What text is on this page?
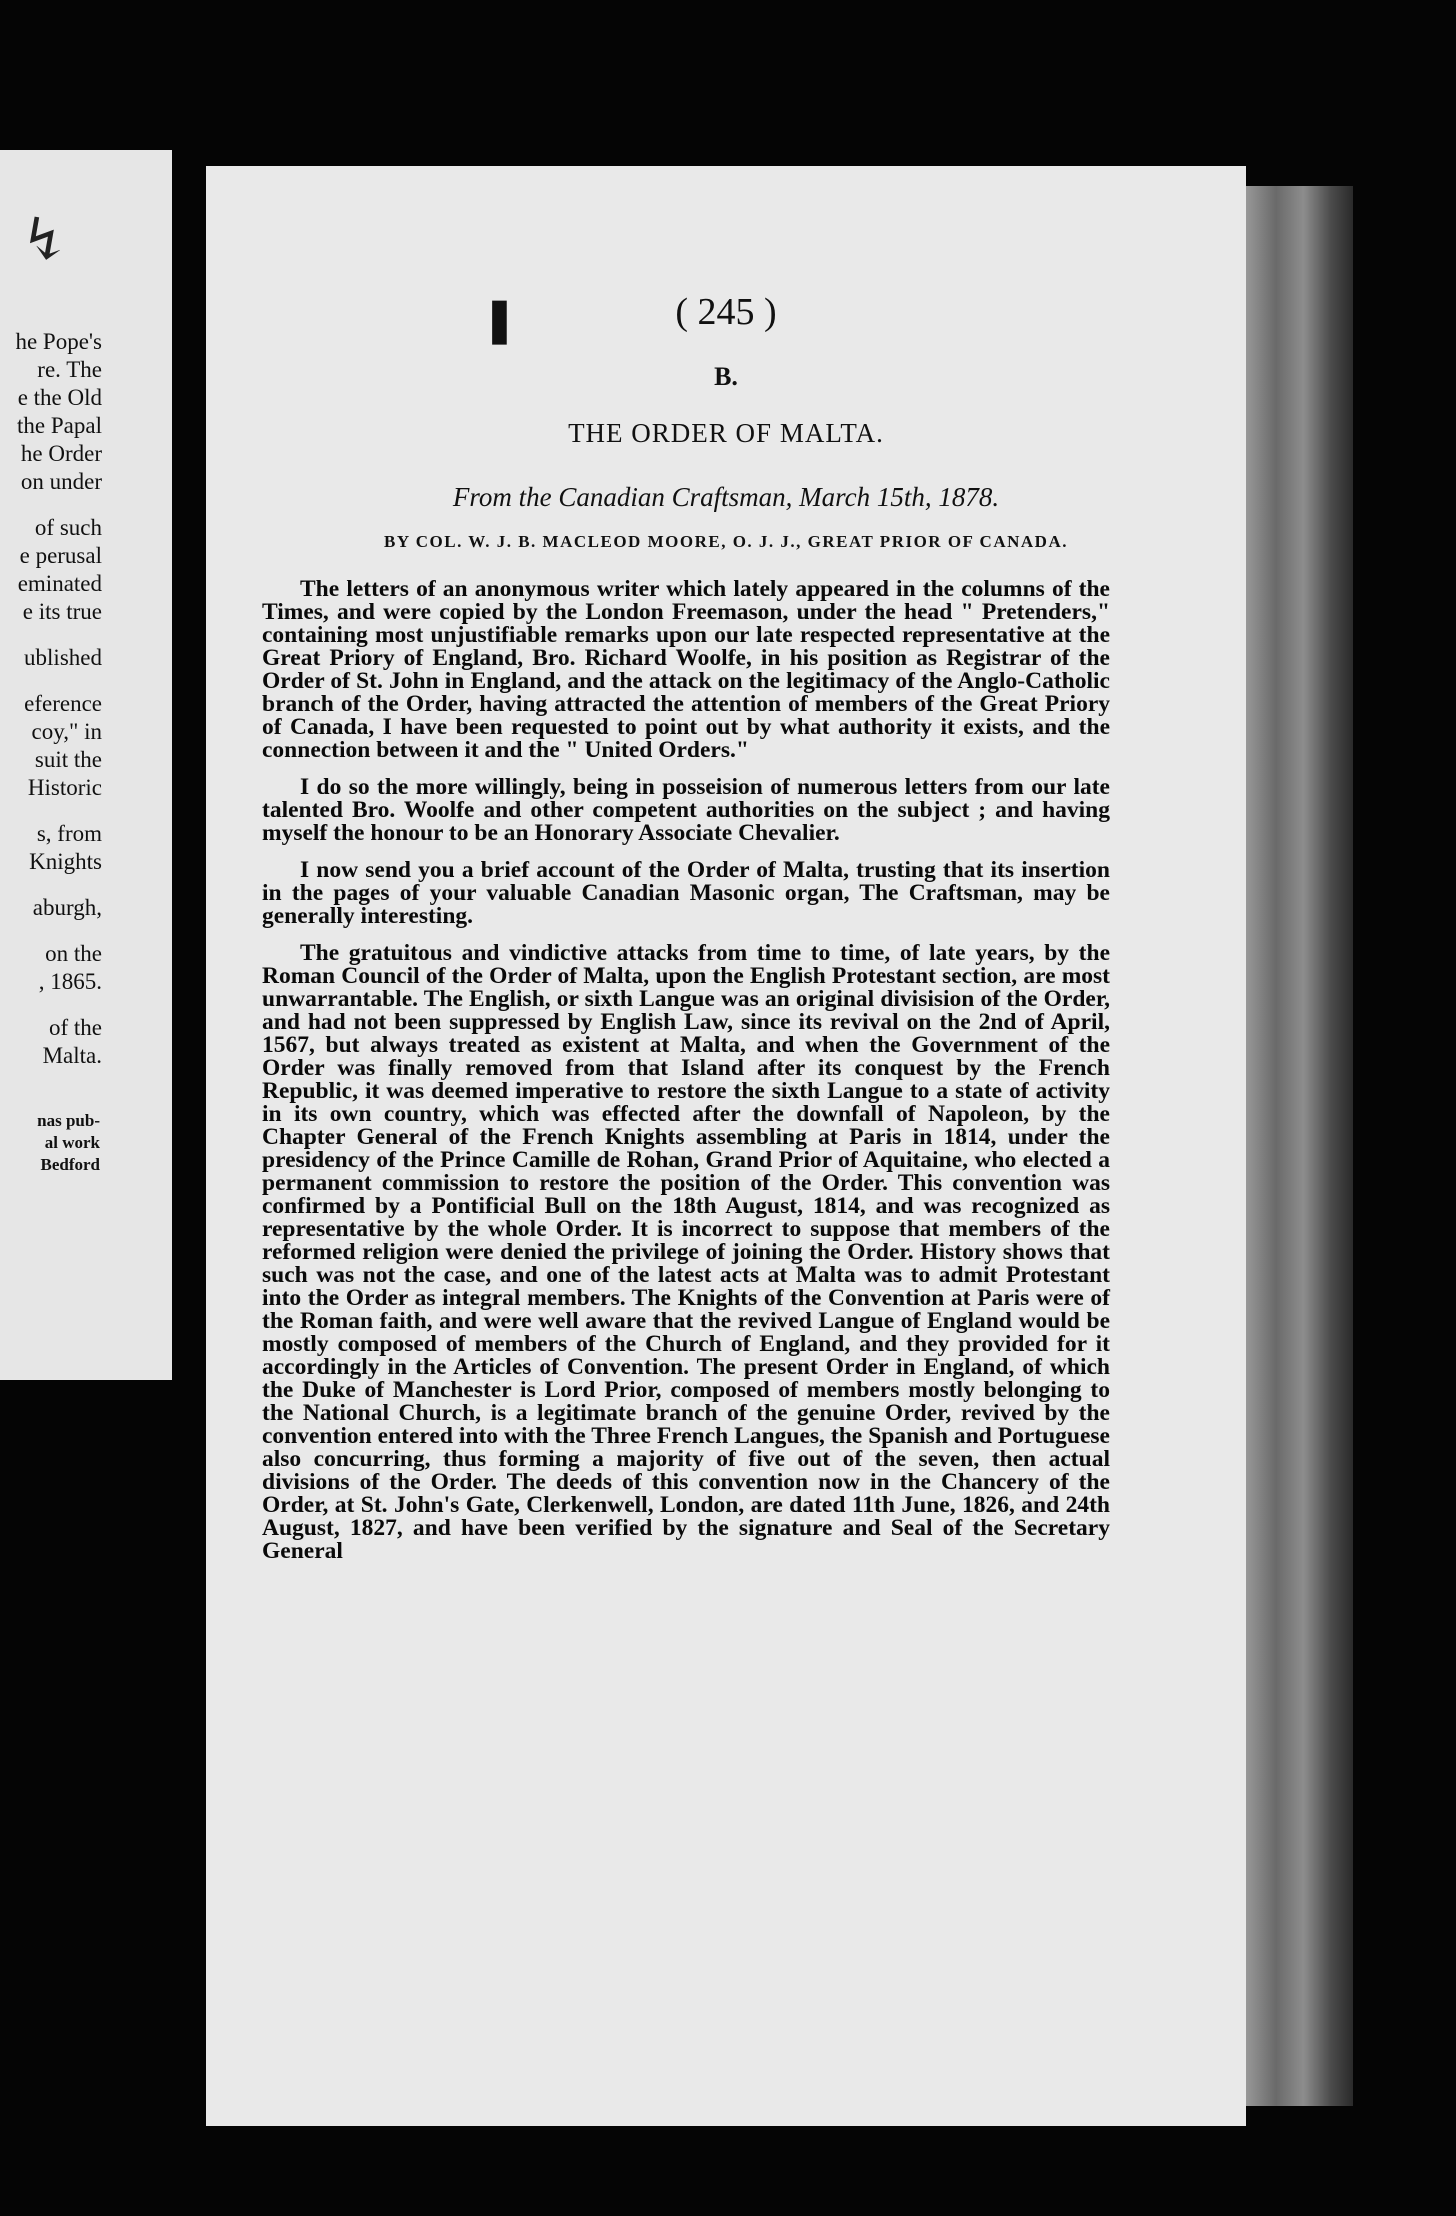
↯
he Pope's
re. The
e the Old
the Papal
he Order
on under
of such
e perusal
eminated
e its true
ublished
eference
coy," in
suit the
Historic
s, from
Knights
aburgh,
on the
, 1865.
of the
Malta.
nas pub-
al work
Bedford
❚	( 245 )
B.
THE ORDER OF MALTA.
From the Canadian Craftsman, March 15th, 1878.
BY COL. W. J. B. MACLEOD MOORE, O. J. J., GREAT PRIOR OF CANADA.

The letters of an anonymous writer which lately appeared in the columns of the Times, and were copied by the London Freemason, under the head " Pretenders," containing most unjustifiable remarks upon our late respected representative at the Great Priory of England, Bro. Richard Woolfe, in his position as Registrar of the Order of St. John in England, and the attack on the legitimacy of the Anglo-Catholic branch of the Order, having attracted the attention of members of the Great Priory of Canada, I have been requested to point out by what authority it exists, and the connection between it and the " United Orders."

I do so the more willingly, being in posseision of numerous letters from our late talented Bro. Woolfe and other competent authorities on the subject ; and having myself the honour to be an Honorary Associate Chevalier.

I now send you a brief account of the Order of Malta, trusting that its insertion in the pages of your valuable Canadian Masonic organ, The Craftsman, may be generally interesting.

The gratuitous and vindictive attacks from time to time, of late years, by the Roman Council of the Order of Malta, upon the English Protestant section, are most unwarrantable. The English, or sixth Langue was an original divisision of the Order, and had not been suppressed by English Law, since its revival on the 2nd of April, 1567, but always treated as existent at Malta, and when the Government of the Order was finally removed from that Island after its conquest by the French Republic, it was deemed imperative to restore the sixth Langue to a state of activity in its own country, which was effected after the downfall of Napoleon, by the Chapter General of the French Knights assembling at Paris in 1814, under the presidency of the Prince Camille de Rohan, Grand Prior of Aquitaine, who elected a permanent commission to restore the position of the Order. This convention was confirmed by a Pontificial Bull on the 18th August, 1814, and was recognized as representative by the whole Order. It is incorrect to suppose that members of the reformed religion were denied the privilege of joining the Order. History shows that such was not the case, and one of the latest acts at Malta was to admit Protestant into the Order as integral members. The Knights of the Convention at Paris were of the Roman faith, and were well aware that the revived Langue of England would be mostly composed of members of the Church of England, and they provided for it accordingly in the Articles of Convention. The present Order in England, of which the Duke of Manchester is Lord Prior, composed of members mostly belonging to the National Church, is a legitimate branch of the genuine Order, revived by the convention entered into with the Three French Langues, the Spanish and Portuguese also concurring, thus forming a majority of five out of the seven, then actual divisions of the Order. The deeds of this convention now in the Chancery of the Order, at St. John's Gate, Clerkenwell, London, are dated 11th June, 1826, and 24th August, 1827, and have been verified by the signature and Seal of the Secretary General
